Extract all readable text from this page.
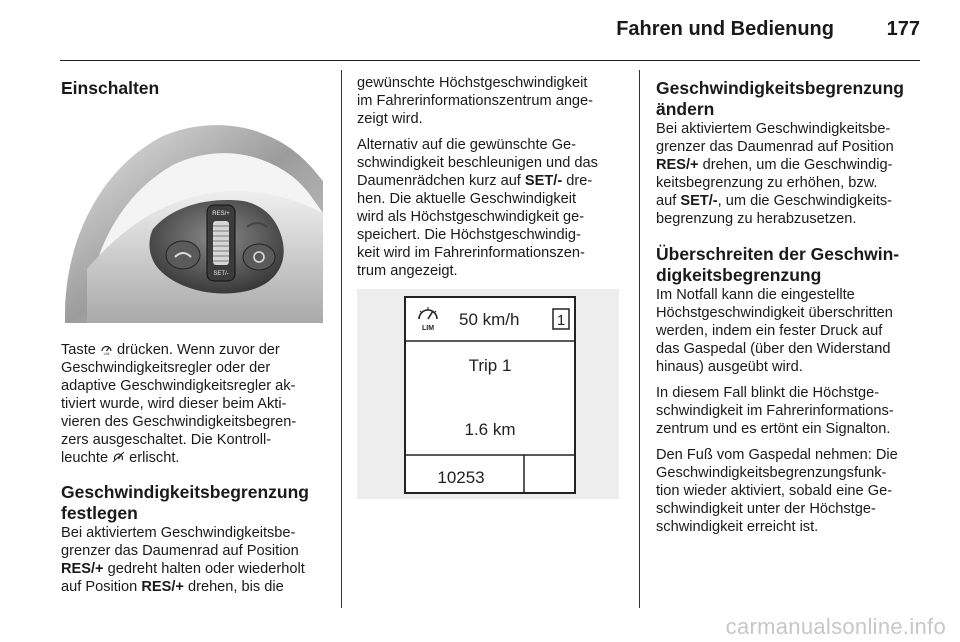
Fahren und Bedienung	177
Einschalten
RES/+
SET/-

Taste LIM drücken. Wenn zuvor der
Geschwindigkeitsregler oder der
adaptive Geschwindigkeitsregler ak-
tiviert wurde, wird dieser beim Akti-
vieren des Geschwindigkeitsbegren-
zers ausgeschaltet. Die Kontroll-
leuchte  erlischt.

Geschwindigkeitsbegrenzung
festlegen

Bei aktiviertem Geschwindigkeitsbe-
grenzer das Daumenrad auf Position
RES/+ gedreht halten oder wiederholt
auf Position RES/+ drehen, bis die

gewünschte Höchstgeschwindigkeit
im Fahrerinformationszentrum ange-
zeigt wird.

Alternativ auf die gewünschte Ge-
schwindigkeit beschleunigen und das
Daumenrädchen kurz auf SET/- dre-
hen. Die aktuelle Geschwindigkeit
wird als Höchstgeschwindigkeit ge-
speichert. Die Höchstgeschwindig-
keit wird im Fahrerinformationszen-
trum angezeigt.

LIM 50 km/h 1
Trip 1
1.6 km
10253
Geschwindigkeitsbegrenzung
ändern

Bei aktiviertem Geschwindigkeitsbe-
grenzer das Daumenrad auf Position
RES/+ drehen, um die Geschwindig-
keitsbegrenzung zu erhöhen, bzw.
auf SET/-, um die Geschwindigkeits-
begrenzung zu herabzusetzen.

Überschreiten der Geschwin-
digkeitsbegrenzung

Im Notfall kann die eingestellte
Höchstgeschwindigkeit überschritten
werden, indem ein fester Druck auf
das Gaspedal (über den Widerstand
hinaus) ausgeübt wird.

In diesem Fall blinkt die Höchstge-
schwindigkeit im Fahrerinformations-
zentrum und es ertönt ein Signalton.

Den Fuß vom Gaspedal nehmen: Die
Geschwindigkeitsbegrenzungsfunk-
tion wieder aktiviert, sobald eine Ge-
schwindigkeit unter der Höchstge-
schwindigkeit erreicht ist.

carmanualsonline.info
